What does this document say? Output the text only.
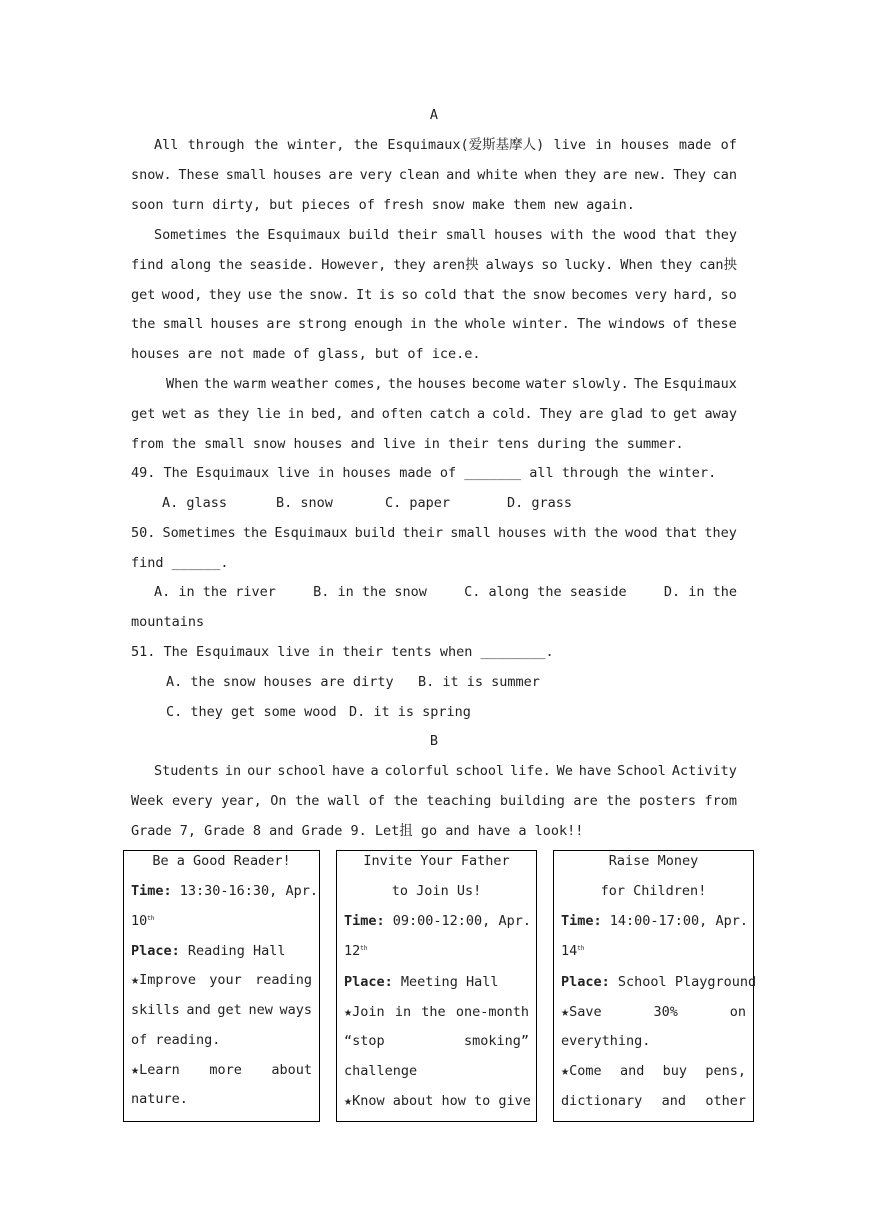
A
All through the winter, the Esquimaux(爱斯基摩人) live in houses made of
snow. These small houses are very clean and white when they are new. They can
soon turn dirty, but pieces of fresh snow make them new again.
Sometimes the Esquimaux build their small houses with the wood that they
find along the seaside. However, they aren抰 always so lucky. When they can抰
get wood, they use the snow. It is so cold that the snow becomes very hard, so
the small houses are strong enough in the whole winter. The windows of these
houses are not made of glass, but of ice.e.
When the warm weather comes, the houses become water slowly. The Esquimaux
get wet as they lie in bed, and often catch a cold. They are glad to get away
from the small snow houses and live in their tens during the summer.
49. The Esquimaux live in houses made of _______ all through the winter.
A. glass	B. snow	C. paper	D. grass
50. Sometimes the Esquimaux build their small houses with the wood that they
find ______.
A. in the river	B. in the snow	C. along the seaside	D. in the
mountains
51. The Esquimaux live in their tents when ________.
A. the snow houses are dirty B. it is summer
C. they get some wood D. it is spring
B
Students in our school have a colorful school life. We have School Activity
Week every year, On the wall of the teaching building are the posters from
Grade 7, Grade 8 and Grade 9. Let抯 go and have a look!!
Be a Good Reader!
Time: 13:30-16:30, Apr.
10th
Place: Reading Hall
★Improve your reading
skills and get new ways
of reading.
★Learn more about
nature.
Invite Your Father
to Join Us!
Time: 09:00-12:00, Apr.
12th
Place: Meeting Hall
★Join in the one-month
“stop	smoking”
challenge
★Know about how to give
Raise Money
for Children!
Time: 14:00-17:00, Apr.
14th
Place: School Playground
★Save	30%	on
everything.
★Come and buy pens,
dictionary and other
